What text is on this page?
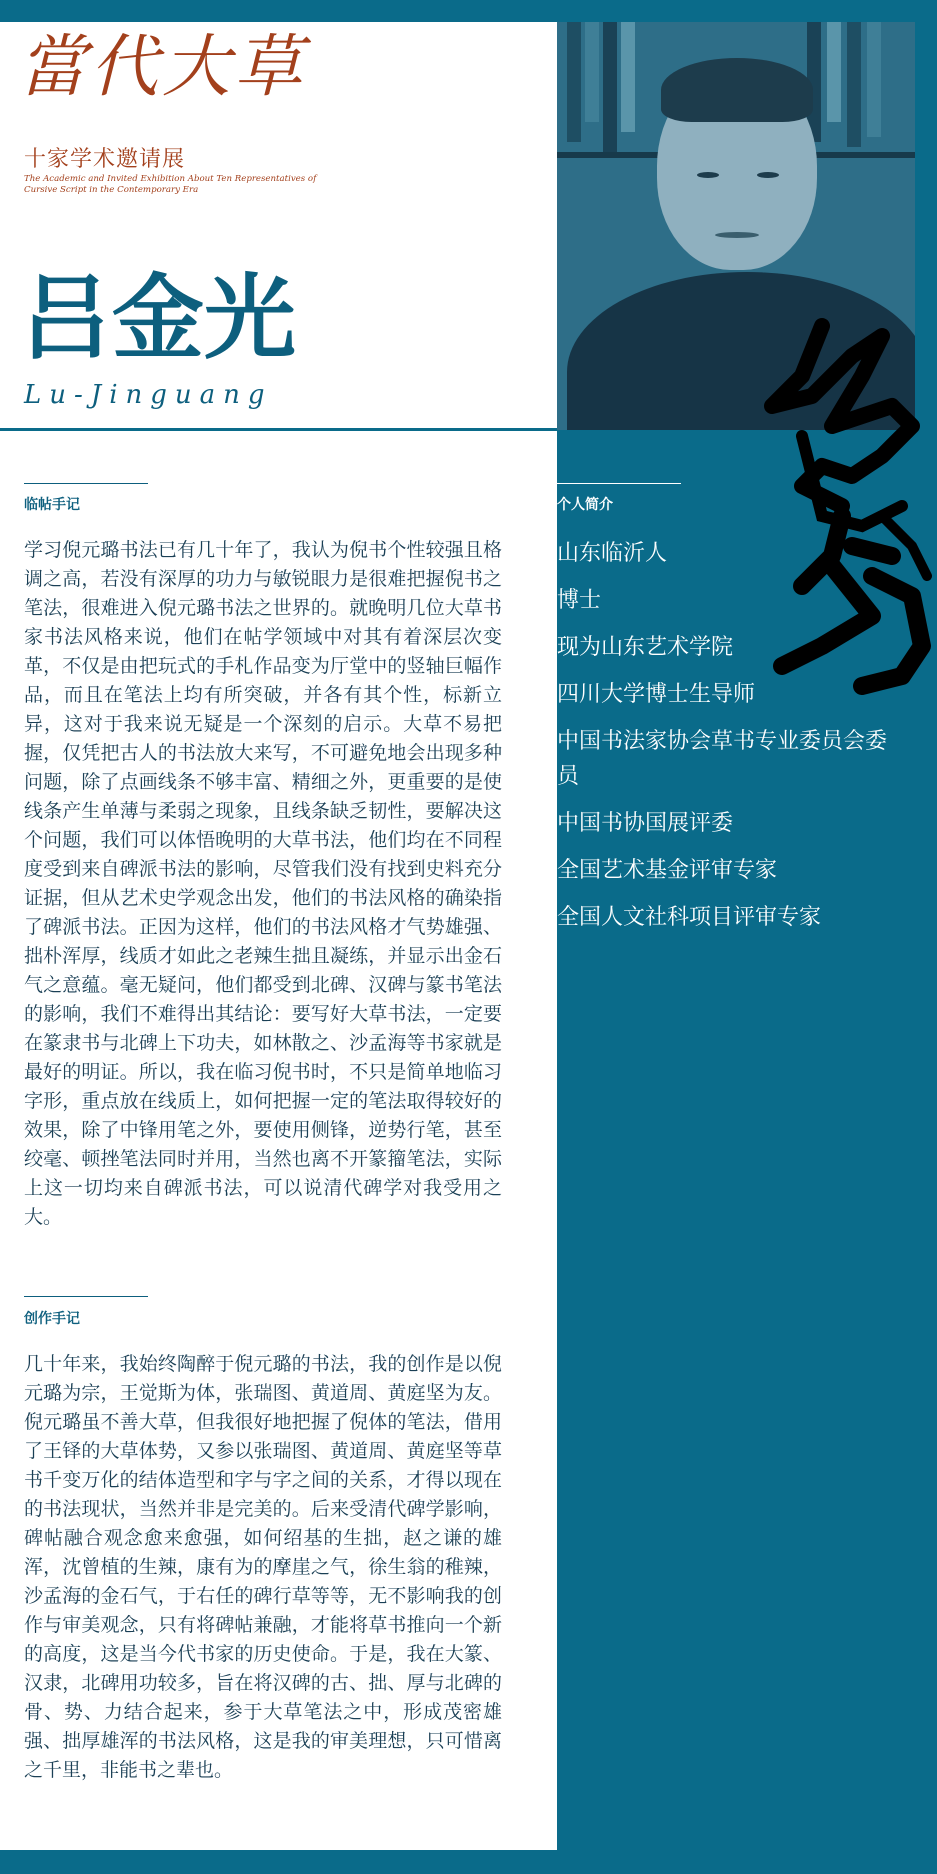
當代大草
十家学术邀请展
The Academic and Invited Exhibition About Ten Representatives of Cursive Script in the Contemporary Era
吕金光
Lu-Jinguang
临帖手记

学习倪元璐书法已有几十年了，我认为倪书个性较强且格调之高，若没有深厚的功力与敏锐眼力是很难把握倪书之笔法，很难进入倪元璐书法之世界的。就晚明几位大草书家书法风格来说，他们在帖学领域中对其有着深层次变革，不仅是由把玩式的手札作品变为厅堂中的竖轴巨幅作品，而且在笔法上均有所突破，并各有其个性，标新立异，这对于我来说无疑是一个深刻的启示。大草不易把握，仅凭把古人的书法放大来写，不可避免地会出现多种问题，除了点画线条不够丰富、精细之外，更重要的是使线条产生单薄与柔弱之现象，且线条缺乏韧性，要解决这个问题，我们可以体悟晚明的大草书法，他们均在不同程度受到来自碑派书法的影响，尽管我们没有找到史料充分证据，但从艺术史学观念出发，他们的书法风格的确染指了碑派书法。正因为这样，他们的书法风格才气势雄强、拙朴浑厚，线质才如此之老辣生拙且凝练，并显示出金石气之意蕴。毫无疑问，他们都受到北碑、汉碑与篆书笔法的影响，我们不难得出其结论：要写好大草书法，一定要在篆隶书与北碑上下功夫，如林散之、沙孟海等书家就是最好的明证。所以，我在临习倪书时，不只是简单地临习字形，重点放在线质上，如何把握一定的笔法取得较好的效果，除了中锋用笔之外，要使用侧锋，逆势行笔，甚至绞毫、顿挫笔法同时并用，当然也离不开篆籀笔法，实际上这一切均来自碑派书法，可以说清代碑学对我受用之大。

创作手记

几十年来，我始终陶醉于倪元璐的书法，我的创作是以倪元璐为宗，王觉斯为体，张瑞图、黄道周、黄庭坚为友。倪元璐虽不善大草，但我很好地把握了倪体的笔法，借用了王铎的大草体势，又参以张瑞图、黄道周、黄庭坚等草书千变万化的结体造型和字与字之间的关系，才得以现在的书法现状，当然并非是完美的。后来受清代碑学影响，碑帖融合观念愈来愈强，如何绍基的生拙，赵之谦的雄浑，沈曾植的生辣，康有为的摩崖之气，徐生翁的稚辣，沙孟海的金石气，于右任的碑行草等等，无不影响我的创作与审美观念，只有将碑帖兼融，才能将草书推向一个新的高度，这是当今代书家的历史使命。于是，我在大篆、汉隶，北碑用功较多，旨在将汉碑的古、拙、厚与北碑的骨、势、力结合起来，参于大草笔法之中，形成茂密雄强、拙厚雄浑的书法风格，这是我的审美理想，只可惜离之千里，非能书之辈也。

个人简介
山东临沂人
博士
现为山东艺术学院
四川大学博士生导师
中国书法家协会草书专业委员会委员
中国书协国展评委
全国艺术基金评审专家
全国人文社科项目评审专家
